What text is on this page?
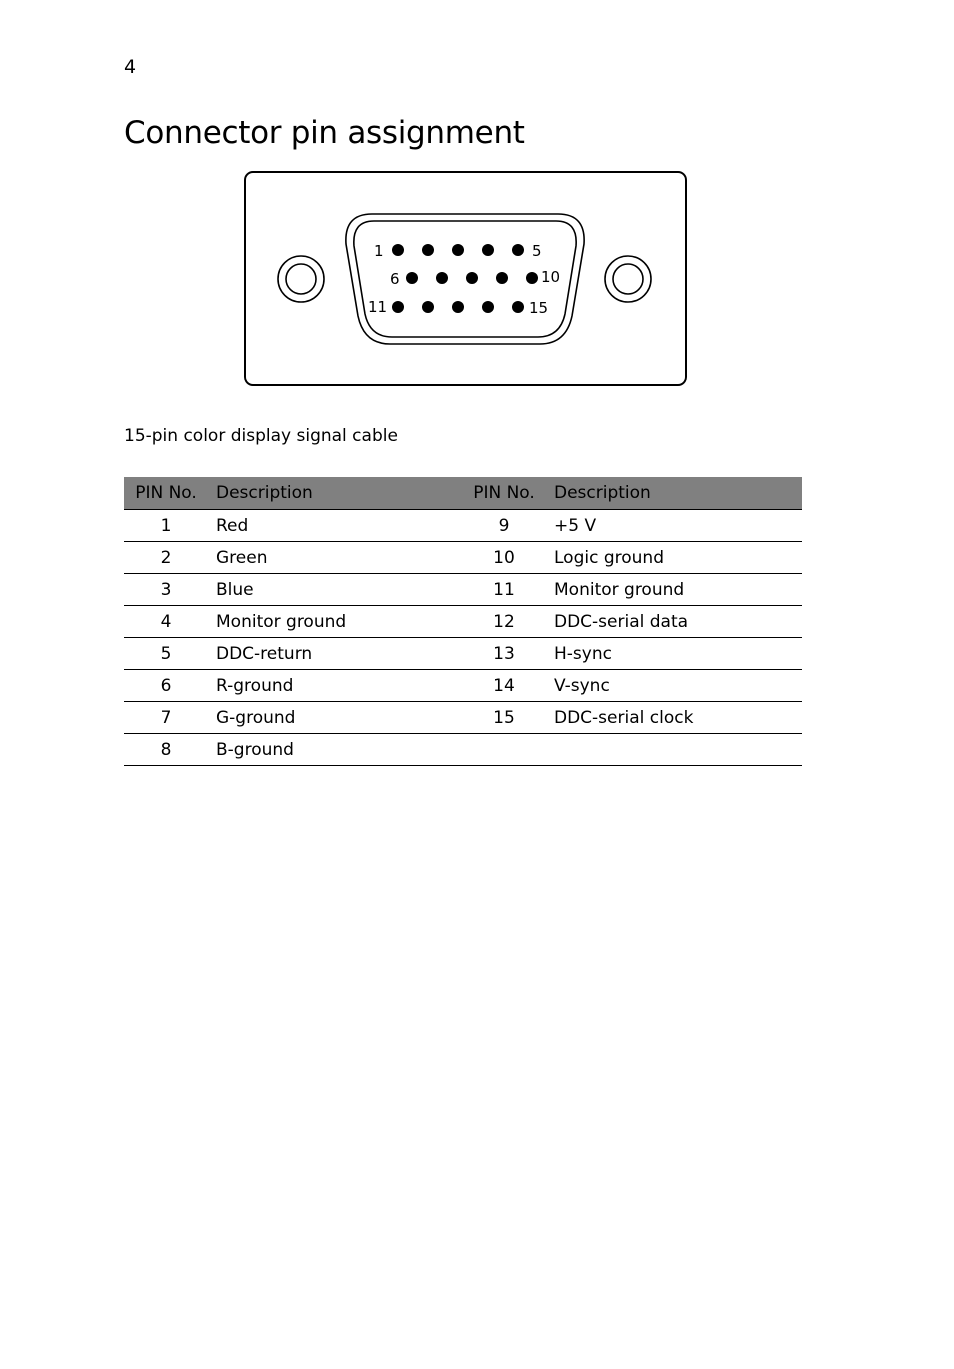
4
Connector pin assignment
1	5
6	10
11	15
15-pin color display signal cable
PIN No.	Description	PIN No.	Description
1	Red	9	+5 V
2	Green	10	Logic ground
3	Blue	11	Monitor ground
4	Monitor ground	12	DDC-serial data
5	DDC-return	13	H-sync
6	R-ground	14	V-sync
7	G-ground	15	DDC-serial clock
8	B-ground		
